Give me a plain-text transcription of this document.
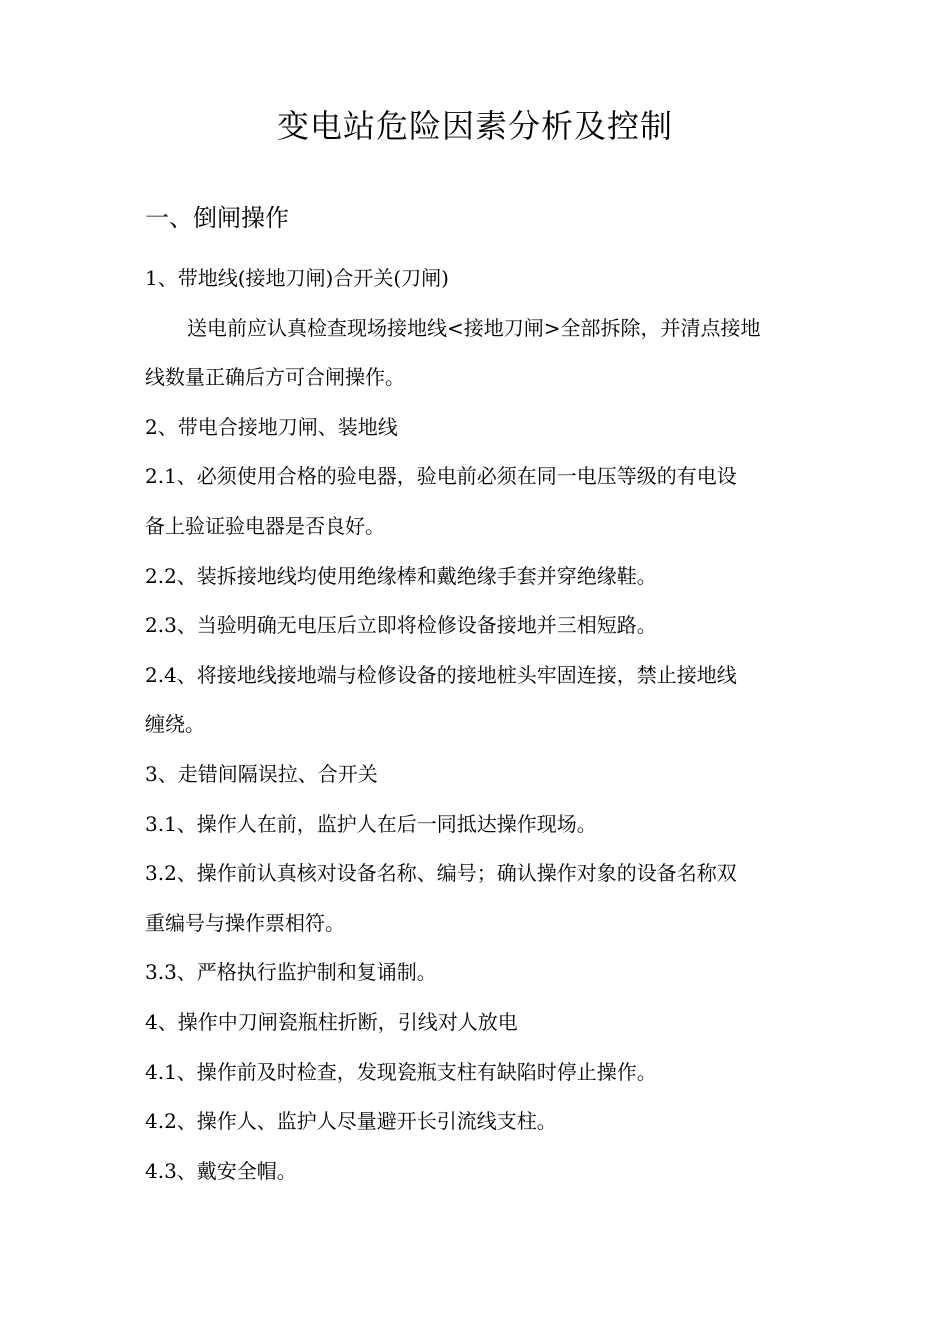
变电站危险因素分析及控制
一、倒闸操作
1、带地线(接地刀闸)合开关(刀闸)
送电前应认真检查现场接地线<接地刀闸>全部拆除，并清点接地
线数量正确后方可合闸操作。
2、带电合接地刀闸、装地线
2.1、必须使用合格的验电器，验电前必须在同一电压等级的有电设
备上验证验电器是否良好。
2.2、装拆接地线均使用绝缘棒和戴绝缘手套并穿绝缘鞋。
2.3、当验明确无电压后立即将检修设备接地并三相短路。
2.4、将接地线接地端与检修设备的接地桩头牢固连接，禁止接地线
缠绕。
3、走错间隔误拉、合开关
3.1、操作人在前，监护人在后一同抵达操作现场。
3.2、操作前认真核对设备名称、编号；确认操作对象的设备名称双
重编号与操作票相符。
3.3、严格执行监护制和复诵制。
4、操作中刀闸瓷瓶柱折断，引线对人放电
4.1、操作前及时检查，发现瓷瓶支柱有缺陷时停止操作。
4.2、操作人、监护人尽量避开长引流线支柱。
4.3、戴安全帽。
